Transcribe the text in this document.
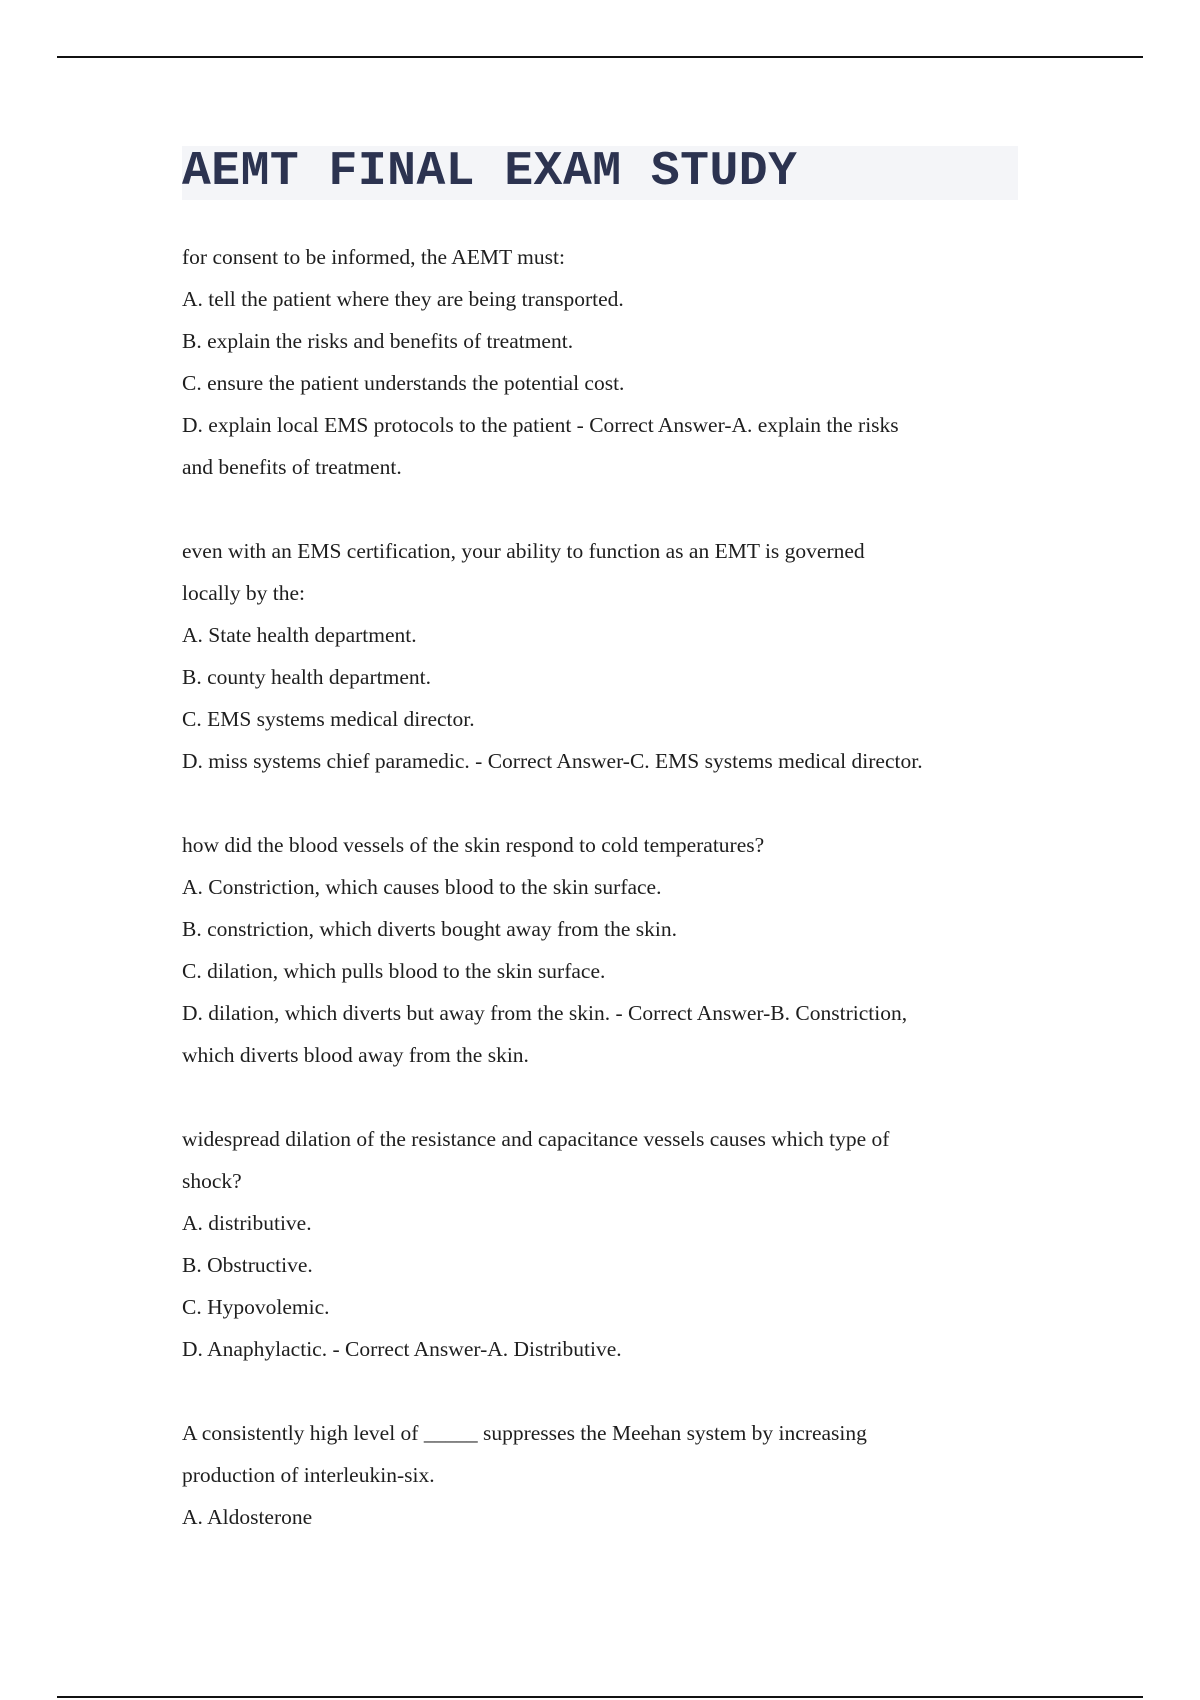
AEMT FINAL EXAM STUDY
for consent to be informed, the AEMT must:
A. tell the patient where they are being transported.
B. explain the risks and benefits of treatment.
C. ensure the patient understands the potential cost.
D. explain local EMS protocols to the patient - Correct Answer-A. explain the risks
and benefits of treatment.
even with an EMS certification, your ability to function as an EMT is governed
locally by the:
A. State health department.
B. county health department.
C. EMS systems medical director.
D. miss systems chief paramedic. - Correct Answer-C. EMS systems medical director.
how did the blood vessels of the skin respond to cold temperatures?
A. Constriction, which causes blood to the skin surface.
B. constriction, which diverts bought away from the skin.
C. dilation, which pulls blood to the skin surface.
D. dilation, which diverts but away from the skin. - Correct Answer-B. Constriction,
which diverts blood away from the skin.
widespread dilation of the resistance and capacitance vessels causes which type of
shock?
A. distributive.
B. Obstructive.
C. Hypovolemic.
D. Anaphylactic. - Correct Answer-A. Distributive.
A consistently high level of _____ suppresses the Meehan system by increasing
production of interleukin-six.
A. Aldosterone
